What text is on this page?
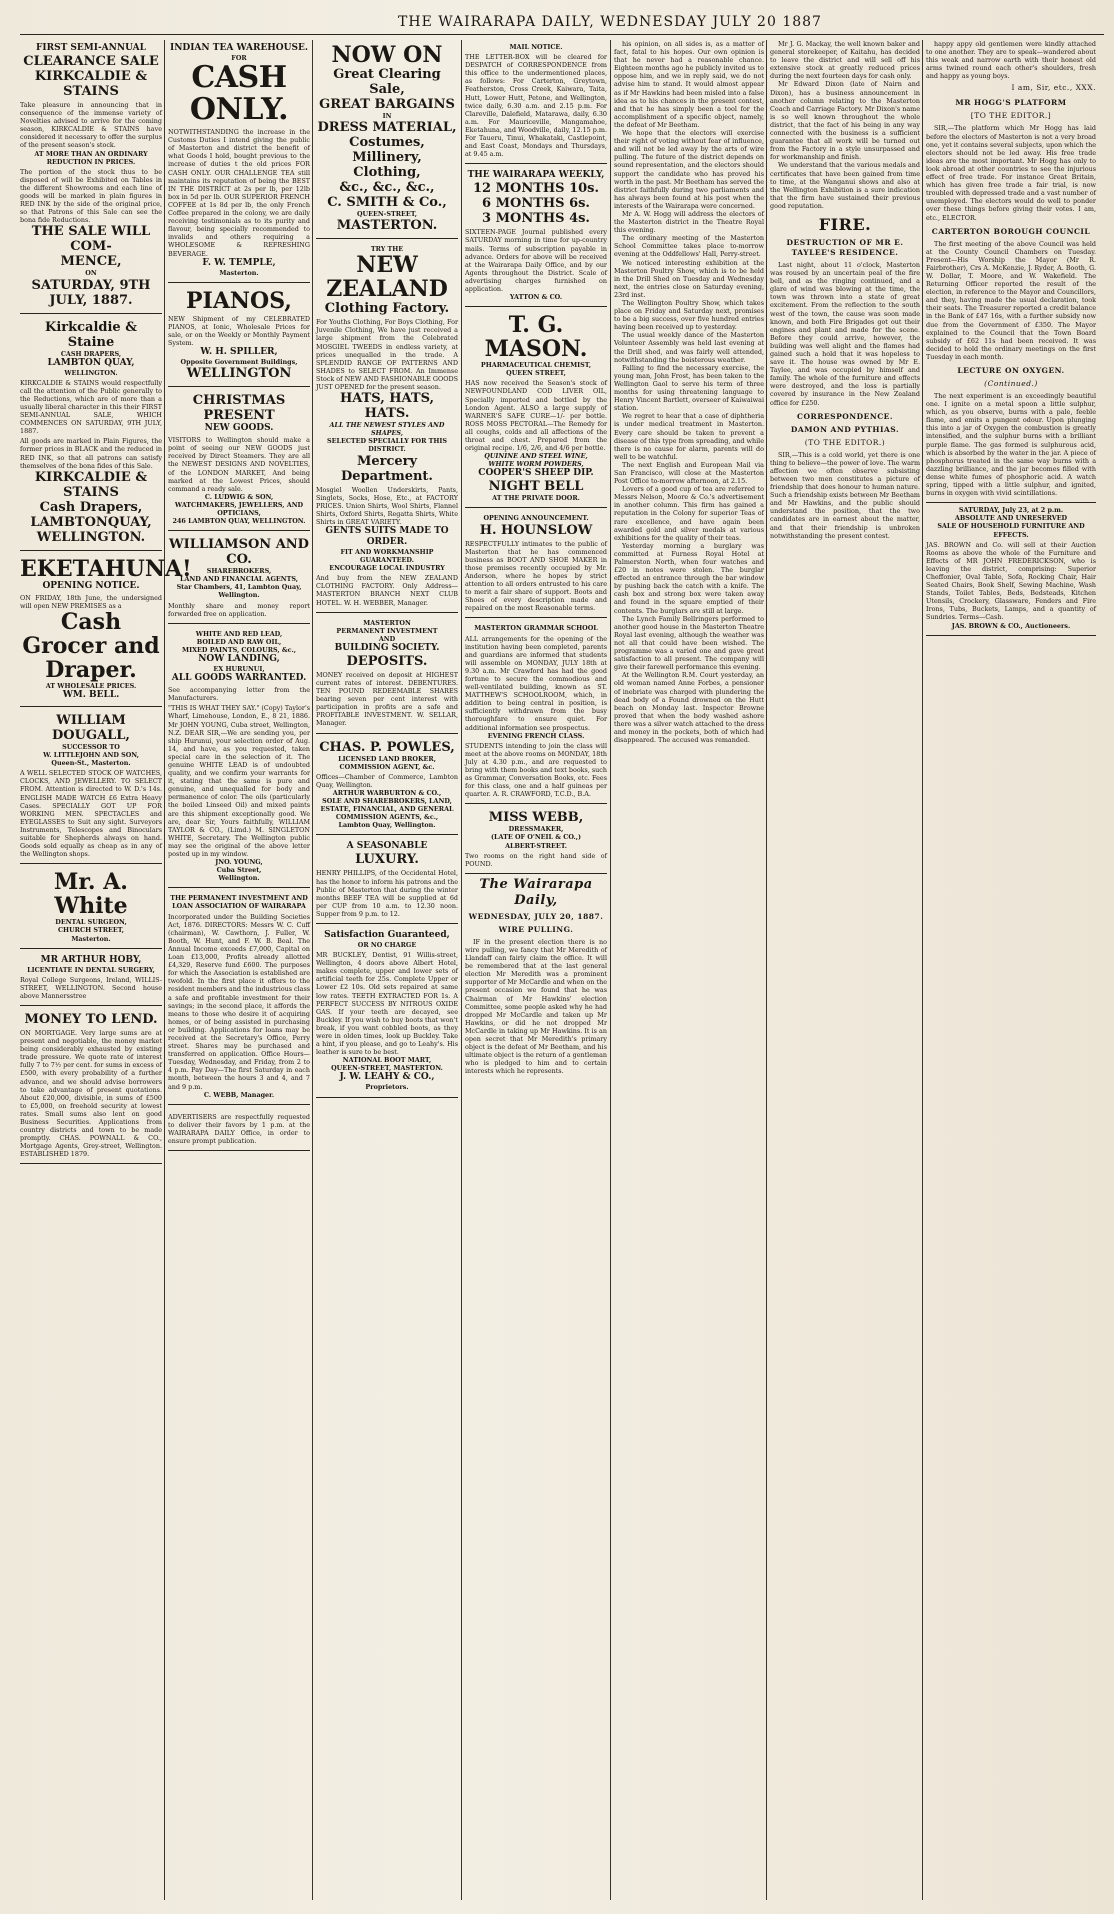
THE WAIRARAPA DAILY, WEDNESDAY JULY 20 1887
FIRST SEMI-ANNUAL
CLEARANCE SALE
KIRKCALDIE & STAINS
Take pleasure in announcing that in consequence of the immense variety of Novelties advised to arrive for the coming season, KIRKCALDIE & STAINS have considered it necessary to offer the surplus of the present season's stock.
AT MORE THAN AN ORDINARY
REDUCTION IN PRICES.
The portion of the stock thus to be disposed of will be Exhibited on Tables in the different Showrooms and each line of goods will be marked in plain figures in RED INK by the side of the original price, so that Patrons of this Sale can see the bona fide Reductions.
THE SALE WILL COM-
MENCE,
ON
SATURDAY, 9TH
JULY, 1887.
Kirkcaldie & Staine
CASH DRAPERS,
LAMBTON QUAY,
WELLINGTON.
KIRKCALDIE & STAINS would respectfully call the attention of the Public generally to the Reductions, which are of more than a usually liberal character in this their FIRST SEMI-ANNUAL SALE, WHICH COMMENCES ON SATURDAY, 9TH JULY, 1887.
All goods are marked in Plain Figures, the former prices in BLACK and the reduced in RED INK, so that all patrons can satisfy themselves of the bona fides of this Sale.
KIRKCALDIE & STAINS
Cash Drapers,
LAMBTONQUAY,
WELLINGTON.
EKETAHUNA!
OPENING NOTICE.
ON FRIDAY, 18th June, the undersigned will open NEW PREMISES as a
Cash Grocer and
Draper.
AT WHOLESALE PRICES.
WM. BELL.
WILLIAM DOUGALL,
SUCCESSOR TO
W. LITTLEJOHN AND SON,
Queen-St., Masterton.
A WELL SELECTED STOCK OF WATCHES, CLOCKS, AND JEWELLERY. TO SELECT FROM. Attention is directed to W. D.'s 14s. ENGLISH MADE WATCH £6 Extra Heavy Cases. SPECIALLY GOT UP FOR WORKING MEN. SPECTACLES and EYEGLASSES to Suit any sight. Surveyors Instruments, Telescopes and Binoculars suitable for Shepherds always on hand. Goods sold equally as cheap as in any of the Wellington shops.
Mr. A. White
DENTAL SURGEON,
CHURCH STREET,
Masterton.
MR ARTHUR HOBY,
LICENTIATE IN DENTAL SURGERY,
Royal College Surgeons, Ireland, WILLIS-STREET, WELLINGTON. Second house above Mannersstree
MONEY TO LEND.
ON MORTGAGE. Very large sums are at present and negotiable, the money market being considerably exhausted by existing trade pressure. We quote rate of interest fully 7 to 7½ per cent. for sums in excess of £500, with every probability of a further advance, and we should advise borrowers to take advantage of present quotations. About £20,000, divisible, in sums of £500 to £5,000, on freehold security at lowest rates. Small sums also lent on good Business Securities. Applications from country districts and town to be made promptly. CHAS. POWNALL & CO., Mortgage Agents, Grey-street, Wellington. ESTABLISHED 1879.
INDIAN TEA WAREHOUSE.
FOR
CASH ONLY.
NOTWITHSTANDING the increase in the Customs Duties I intend giving the public of Masterton and district the benefit of what Goods I hold, bought previous to the increase of duties t the old prices FOR CASH ONLY. OUR CHALLENGE TEA still maintains its reputation of being the BEST IN THE DISTRICT at 2s per lb, per 12lb box in 5d per lb. OUR SUPERIOR FRENCH COFFEE at 1s 8d per lb, the only French Coffee prepared in the colony, we are daily receiving testimonials as to its purity and flavour, being specially recommended to invalids and others requiring a WHOLESOME & REFRESHING BEVERAGE.
F. W. TEMPLE,
Masterton.
PIANOS,
NEW Shipment of my CELEBRATED PIANOS, at Ionic, Wholesale Prices for sale, or on the Weekly or Monthly Payment System.
W. H. SPILLER,
Opposite Government Buildings,
WELLINGTON
CHRISTMAS PRESENT
NEW GOODS.
VISITORS to Wellington should make a point of seeing our NEW GOODS just received by Direct Steamers. They are all the NEWEST DESIGNS AND NOVELTIES, of the LONDON MARKET, And being marked at the Lowest Prices, should command a ready sale.
C. LUDWIG & SON,
WATCHMAKERS, JEWELLERS, AND OPTICIANS,
246 LAMBTON QUAY, WELLINGTON.
WILLIAMSON AND CO.
SHAREBROKERS,
LAND AND FINANCIAL AGENTS,
Star Chambers, 41, Lambton Quay,
Wellington.
Monthly share and money report forwarded free on application.
WHITE AND RED LEAD,
BOILED AND RAW OIL,
MIXED PAINTS, COLOURS, &c.,
NOW LANDING,
EX HURUNUI,
ALL GOODS WARRANTED.
See accompanying letter from the Manufacturers.
"THIS IS WHAT THEY SAY." (Copy) Taylor's Wharf, Limehouse, London, E., 8 21, 1886. Mr JOHN YOUNG, Cuba street, Wellington, N.Z. DEAR SIR,—We are sending you, per ship Hurunui, your selection order of Aug. 14, and have, as you requested, taken special care in the selection of it. The genuine WHITE LEAD is of undoubted quality, and we confirm your warrants for it, stating that the same is pure and genuine, and unequalled for body and permanence of color. The oils (particularly the boiled Linseed Oil) and mixed paints are this shipment exceptionally good. We are, dear Sir, Yours faithfully, WILLIAM TAYLOR & CO., (Limd.) M. SINGLETON WHITE, Secretary. The Wellington public may see the original of the above letter posted up in my window.
JNO. YOUNG,
Cuba Street,
Wellington.
THE PERMANENT INVESTMENT AND LOAN ASSOCIATION OF WAIRARAPA
Incorporated under the Building Societies Act, 1876. DIRECTORS: Messrs W. C. Cuff (chairman), W. Cawthorn, J. Fuller, W. Booth, W. Hunt, and F. W. B. Beal. The Annual Income exceeds £7,000, Capital on Loan £13,000, Profits already allotted £4,329, Reserve fund £600. The purposes for which the Association is established are twofold. In the first place it offers to the resident members and the industrious class a safe and profitable investment for their savings; in the second place, it affords the means to those who desire it of acquiring homes, or of being assisted in purchasing or building. Applications for loans may be received at the Secretary's Office, Perry street. Shares may be purchased and transferred on application. Office Hours—Tuesday, Wednesday, and Friday, from 2 to 4 p.m. Pay Day—The first Saturday in each month, between the hours 3 and 4, and 7 and 9 p.m.
C. WEBB, Manager.
ADVERTISERS are respectfully requested to deliver their favors by 1 p.m. at the WAIRARAPA DAILY Office, in order to ensure prompt publication.
NOW ON
Great Clearing Sale,
GREAT BARGAINS
IN
DRESS MATERIAL,
Costumes,
Millinery,
Clothing,
&c., &c., &c.,
C. SMITH & Co.,
QUEEN-STREET,
MASTERTON.
TRY THE
NEW ZEALAND
Clothing Factory.
For Youths Clothing, For Boys Clothing, For Juvenile Clothing, We have just received a large shipment from the Celebrated MOSGIEL TWEEDS in endless variety, at prices unequalled in the trade. A SPLENDID RANGE OF PATTERNS AND SHADES to SELECT FROM. An Immense Stock of NEW AND FASHIONABLE GOODS JUST OPENED for the present season.
HATS, HATS, HATS.
ALL THE NEWEST STYLES AND SHAPES,
SELECTED SPECIALLY FOR THIS DISTRICT.
Mercery Department.
Mosgiel Woollen Underskirts, Pants, Singlets, Socks, Hose, Etc., at FACTORY PRICES. Union Shirts, Wool Shirts, Flannel Shirts, Oxford Shirts, Regatta Shirts, White Shirts in GREAT VARIETY.
GENTS SUITS MADE TO ORDER.
FIT AND WORKMANSHIP GUARANTEED.
ENCOURAGE LOCAL INDUSTRY
And buy from the NEW ZEALAND CLOTHING FACTORY. Only Address—MASTERTON BRANCH NEXT CLUB HOTEL. W. H. WEBBER, Manager.
MASTERTON
PERMANENT INVESTMENT
AND
BUILDING SOCIETY.
DEPOSITS.
MONEY received on deposit at HIGHEST current rates of interest. DEBENTURES. TEN POUND REDEEMABLE SHARES bearing seven per cent interest with participation in profits are a safe and PROFITABLE INVESTMENT. W. SELLAR, Manager.
CHAS. P. POWLES,
LICENSED LAND BROKER, COMMISSION AGENT, &c.
Offices—Chamber of Commerce, Lambton Quay, Wellington.
ARTHUR WARBURTON & CO.,
SOLE AND SHAREBROKERS, LAND, ESTATE, FINANCIAL, AND GENERAL COMMISSION AGENTS, &c.,
Lambton Quay, Wellington.
A SEASONABLE
LUXURY.
HENRY PHILLIPS, of the Occidental Hotel, has the honor to inform his patrons and the Public of Masterton that during the winter months BEEF TEA will be supplied at 6d per CUP from 10 a.m. to 12.30 noon. Supper from 9 p.m. to 12.
Satisfaction Guaranteed,
OR NO CHARGE
MR BUCKLEY, Dentist, 91 Willis-street, Wellington, 4 doors above Albert Hotel, makes complete, upper and lower sets of artificial teeth for 25s. Complete Upper or Lower £2 10s. Old sets repaired at same low rates. TEETH EXTRACTED FOR 1s. A PERFECT SUCCESS BY NITROUS OXIDE GAS. If your teeth are decayed, see Buckley. If you wish to buy boots that won't break, if you want cobbled boots, as they were in olden times, look up Buckley. Take a hint, if you please, and go to Leahy's. His leather is sure to be best.
NATIONAL BOOT MART,
QUEEN-STREET, MASTERTON.
J. W. LEAHY & CO.,
Proprietors.
MAIL NOTICE.
THE LETTER-BOX will be cleared for DESPATCH of CORRESPONDENCE from this office to the undermentioned places, as follows: For Carterton, Greytown, Featherston, Cross Creek, Kaiwara, Taita, Hutt, Lower Hutt, Petone, and Wellington, twice daily, 6.30 a.m. and 2.15 p.m. For Clareville, Dalefield, Matarawa, daily, 6.30 a.m. For Mauriceville, Mangamahoe, Eketahuna, and Woodville, daily, 12.15 p.m. For Taueru, Tinui, Whakataki, Castlepoint, and East Coast, Mondays and Thursdays, at 9.45 a.m.
THE WAIRARAPA WEEKLY,
12 MONTHS 10s.
6 MONTHS 6s.
3 MONTHS 4s.
SIXTEEN-PAGE Journal published every SATURDAY morning in time for up-country mails. Terms of subscription payable in advance. Orders for above will be received at the Wairarapa Daily Office, and by our Agents throughout the District. Scale of advertising charges furnished on application.
YATTON & CO.
T. G. MASON.
PHARMACEUTICAL CHEMIST,
QUEEN STREET,
HAS now received the Season's stock of NEWFOUNDLAND COD LIVER OIL, Specially imported and bottled by the London Agent. ALSO a large supply of WARNER'S SAFE CURE—1/- per bottle. ROSS MOSS PECTORAL—The Remedy for all coughs, colds and all affections of the throat and chest. Prepared from the original recipe. 1/6, 2/6, and 4/6 per bottle.
QUININE AND STEEL WINE,
WHITE WORM POWDERS,
COOPER'S SHEEP DIP.
NIGHT BELL
AT THE PRIVATE DOOR.
OPENING ANNOUNCEMENT.
H. HOUNSLOW
RESPECTFULLY intimates to the public of Masterton that he has commenced business as BOOT AND SHOE MAKER in those premises recently occupied by Mr. Anderson, where he hopes by strict attention to all orders entrusted to his care to merit a fair share of support. Boots and Shoes of every description made and repaired on the most Reasonable terms.
MASTERTON GRAMMAR SCHOOL
ALL arrangements for the opening of the institution having been completed, parents and guardians are informed that students will assemble on MONDAY, JULY 18th at 9.30 a.m. Mr Crawford has had the good fortune to secure the commodious and well-ventilated building, known as ST. MATTHEW'S SCHOOLROOM, which, in addition to being central in position, is sufficiently withdrawn from the busy thoroughfare to ensure quiet. For additional information see prospectus.
EVENING FRENCH CLASS.
STUDENTS intending to join the class will meet at the above rooms on MONDAY, 18th July at 4.30 p.m., and are requested to bring with them books and text books, such as Grammar, Conversation Books, etc. Fees for this class, one and a half guineas per quarter. A. R. CRAWFORD, T.C.D., B.A.
MISS WEBB,
DRESSMAKER,
(LATE OF O'NEIL & CO.,)
ALBERT-STREET.
Two rooms on the right hand side of POUND.
The Wairarapa Daily,
WEDNESDAY, JULY 20, 1887.
WIRE PULLING.

IF in the present election there is no wire pulling, we fancy that Mr Meredith of Llandaff can fairly claim the office. It will be remembered that at the last general election Mr Meredith was a prominent supporter of Mr McCardle and when on the present occasion we found that he was Chairman of Mr Hawkins' election Committee, some people asked why he had dropped Mr McCardle and taken up Mr Hawkins, or did he not dropped Mr McCardle in taking up Mr Hawkins. It is an open secret that Mr Meredith's primary object is the defeat of Mr Beetham, and his ultimate object is the return of a gentleman who is pledged to him and to certain interests which he represents.

his opinion, on all sides is, as a matter of fact, fatal to his hopes. Our own opinion is that he never had a reasonable chance. Eighteen months ago he publicly invited us to oppose him, and we in reply said, we do not advise him to stand. It would almost appear as if Mr Hawkins had been misled into a false idea as to his chances in the present contest, and that he has simply been a tool for the accomplishment of a specific object, namely, the defeat of Mr Beetham.

We hope that the electors will exercise their right of voting without fear of influence, and will not be led away by the arts of wire pulling. The future of the district depends on sound representation, and the electors should support the candidate who has proved his worth in the past. Mr Beetham has served the district faithfully during two parliaments and has always been found at his post when the interests of the Wairarapa were concerned.

Mr A. W. Hogg will address the electors of the Masterton district in the Theatre Royal this evening.

The ordinary meeting of the Masterton School Committee takes place to-morrow evening at the Oddfellows' Hall, Perry-street.

We noticed interesting exhibition at the Masterton Poultry Show, which is to be held in the Drill Shed on Tuesday and Wednesday next, the entries close on Saturday evening, 23rd inst.

The Wellington Poultry Show, which takes place on Friday and Saturday next, promises to be a big success, over five hundred entries having been received up to yesterday.

The usual weekly dance of the Masterton Volunteer Assembly was held last evening at the Drill shed, and was fairly well attended, notwithstanding the boisterous weather.

Falling to find the necessary exercise, the young man, John Frost, has been taken to the Wellington Gaol to serve his term of three months for using threatening language to Henry Vincent Bartlett, overseer of Kaiwaiwai station.

We regret to hear that a case of diphtheria is under medical treatment in Masterton. Every care should be taken to prevent a disease of this type from spreading, and while there is no cause for alarm, parents will do well to be watchful.

The next English and European Mail via San Francisco, will close at the Masterton Post Office to-morrow afternoon, at 2.15.

Lovers of a good cup of tea are referred to Messrs Nelson, Moore & Co.'s advertisement in another column. This firm has gained a reputation in the Colony for superior Teas of rare excellence, and have again been awarded gold and silver medals at various exhibitions for the quality of their teas.

Yesterday morning a burglary was committed at Furness Royal Hotel at Palmerston North, when four watches and £20 in notes were stolen. The burglar effected an entrance through the bar window by pushing back the catch with a knife. The cash box and strong box were taken away and found in the square emptied of their contents. The burglars are still at large.

The Lynch Family Bellringers performed to another good house in the Masterton Theatre Royal last evening, although the weather was not all that could have been wished. The programme was a varied one and gave great satisfaction to all present. The company will give their farewell performance this evening.

At the Wellington R.M. Court yesterday, an old woman named Anne Forbes, a pensioner of inebriate was charged with plundering the dead body of a Found drowned on the Hutt beach on Monday last. Inspector Browne proved that when the body washed ashore there was a silver watch attached to the dress and money in the pockets, both of which had disappeared. The accused was remanded.

Mr J. G. Mackay, the well known baker and general storekeeper, of Kaitahu, has decided to leave the district and will sell off his extensive stock at greatly reduced prices during the next fourteen days for cash only.

Mr Edward Dixon (late of Nairn and Dixon), has a business announcement in another column relating to the Masterton Coach and Carriage Factory. Mr Dixon's name is so well known throughout the whole district, that the fact of his being in any way connected with the business is a sufficient guarantee that all work will be turned out from the Factory in a style unsurpassed and for workmanship and finish.

We understand that the various medals and certificates that have been gained from time to time, at the Wanganui shows and also at the Wellington Exhibition is a sure indication that the firm have sustained their previous good reputation.

FIRE.
DESTRUCTION OF MR E. TAYLEE'S RESIDENCE.

Last night, about 11 o'clock, Masterton was roused by an uncertain peal of the fire bell, and as the ringing continued, and a glare of wind was blowing at the time, the town was thrown into a state of great excitement. From the reflection to the south west of the town, the cause was soon made known, and both Fire Brigades got out their engines and plant and made for the scene. Before they could arrive, however, the building was well alight and the flames had gained such a hold that it was hopeless to save it. The house was owned by Mr E. Taylee, and was occupied by himself and family. The whole of the furniture and effects were destroyed, and the loss is partially covered by insurance in the New Zealand office for £250.

CORRESPONDENCE.
DAMON AND PYTHIAS.
(TO THE EDITOR.)

SIR,—This is a cold world, yet there is one thing to believe—the power of love. The warm affection we often observe subsisting between two men constitutes a picture of friendship that does honour to human nature. Such a friendship exists between Mr Beetham and Mr Hawkins, and the public should understand the position, that the two candidates are in earnest about the matter, and that their friendship is unbroken notwithstanding the present contest.

happy appy old gentlemen were kindly attached to one another. They are to speak—wandered about this weak and narrow earth with their honest old arms twined round each other's shoulders, fresh and happy as young boys.

I am, Sir, etc., XXX.
MR HOGG'S PLATFORM
[TO THE EDITOR.]

SIR,—The platform which Mr Hogg has laid before the electors of Masterton is not a very broad one, yet it contains several subjects, upon which the electors should not be led away. His free trade ideas are the most important. Mr Hogg has only to look abroad at other countries to see the injurious effect of free trade. For instance Great Britain, which has given free trade a fair trial, is now troubled with depressed trade and a vast number of unemployed. The electors would do well to ponder over these things before giving their votes. I am, etc., ELECTOR.

CARTERTON BOROUGH COUNCIL

The first meeting of the above Council was held at the County Council Chambers on Tuesday. Present—His Worship the Mayor (Mr R. Fairbrother), Crs A. McKenzie, J. Ryder, A. Booth, G. W. Dollar, T. Moore, and W. Wakefield. The Returning Officer reported the result of the election, in reference to the Mayor and Councillors, and they, having made the usual declaration, took their seats. The Treasurer reported a credit balance in the Bank of £47 16s, with a further subsidy now due from the Government of £350. The Mayor explained to the Council that the Town Board subsidy of £62 11s had been received. It was decided to hold the ordinary meetings on the first Tuesday in each month.

LECTURE ON OXYGEN.
(Continued.)

The next experiment is an exceedingly beautiful one. I ignite on a metal spoon a little sulphur, which, as you observe, burns with a pale, feeble flame, and emits a pungent odour. Upon plunging this into a jar of Oxygen the combustion is greatly intensified, and the sulphur burns with a brilliant purple flame. The gas formed is sulphurous acid, which is absorbed by the water in the jar. A piece of phosphorus treated in the same way burns with a dazzling brilliance, and the jar becomes filled with dense white fumes of phosphoric acid. A watch spring, tipped with a little sulphur, and ignited, burns in oxygen with vivid scintillations.

SATURDAY, July 23, at 2 p.m.
ABSOLUTE AND UNRESERVED
SALE OF HOUSEHOLD FURNITURE AND EFFECTS.
JAS. BROWN and Co. will sell at their Auction Rooms as above the whole of the Furniture and Effects of MR JOHN FREDERICKSON, who is leaving the district, comprising: Superior Cheffonier, Oval Table, Sofa, Rocking Chair, Hair Seated Chairs, Book Shelf, Sewing Machine, Wash Stands, Toilet Tables, Beds, Bedsteads, Kitchen Utensils, Crockery, Glassware, Fenders and Fire Irons, Tubs, Buckets, Lamps, and a quantity of Sundries. Terms—Cash.
JAS. BROWN & CO., Auctioneers.
